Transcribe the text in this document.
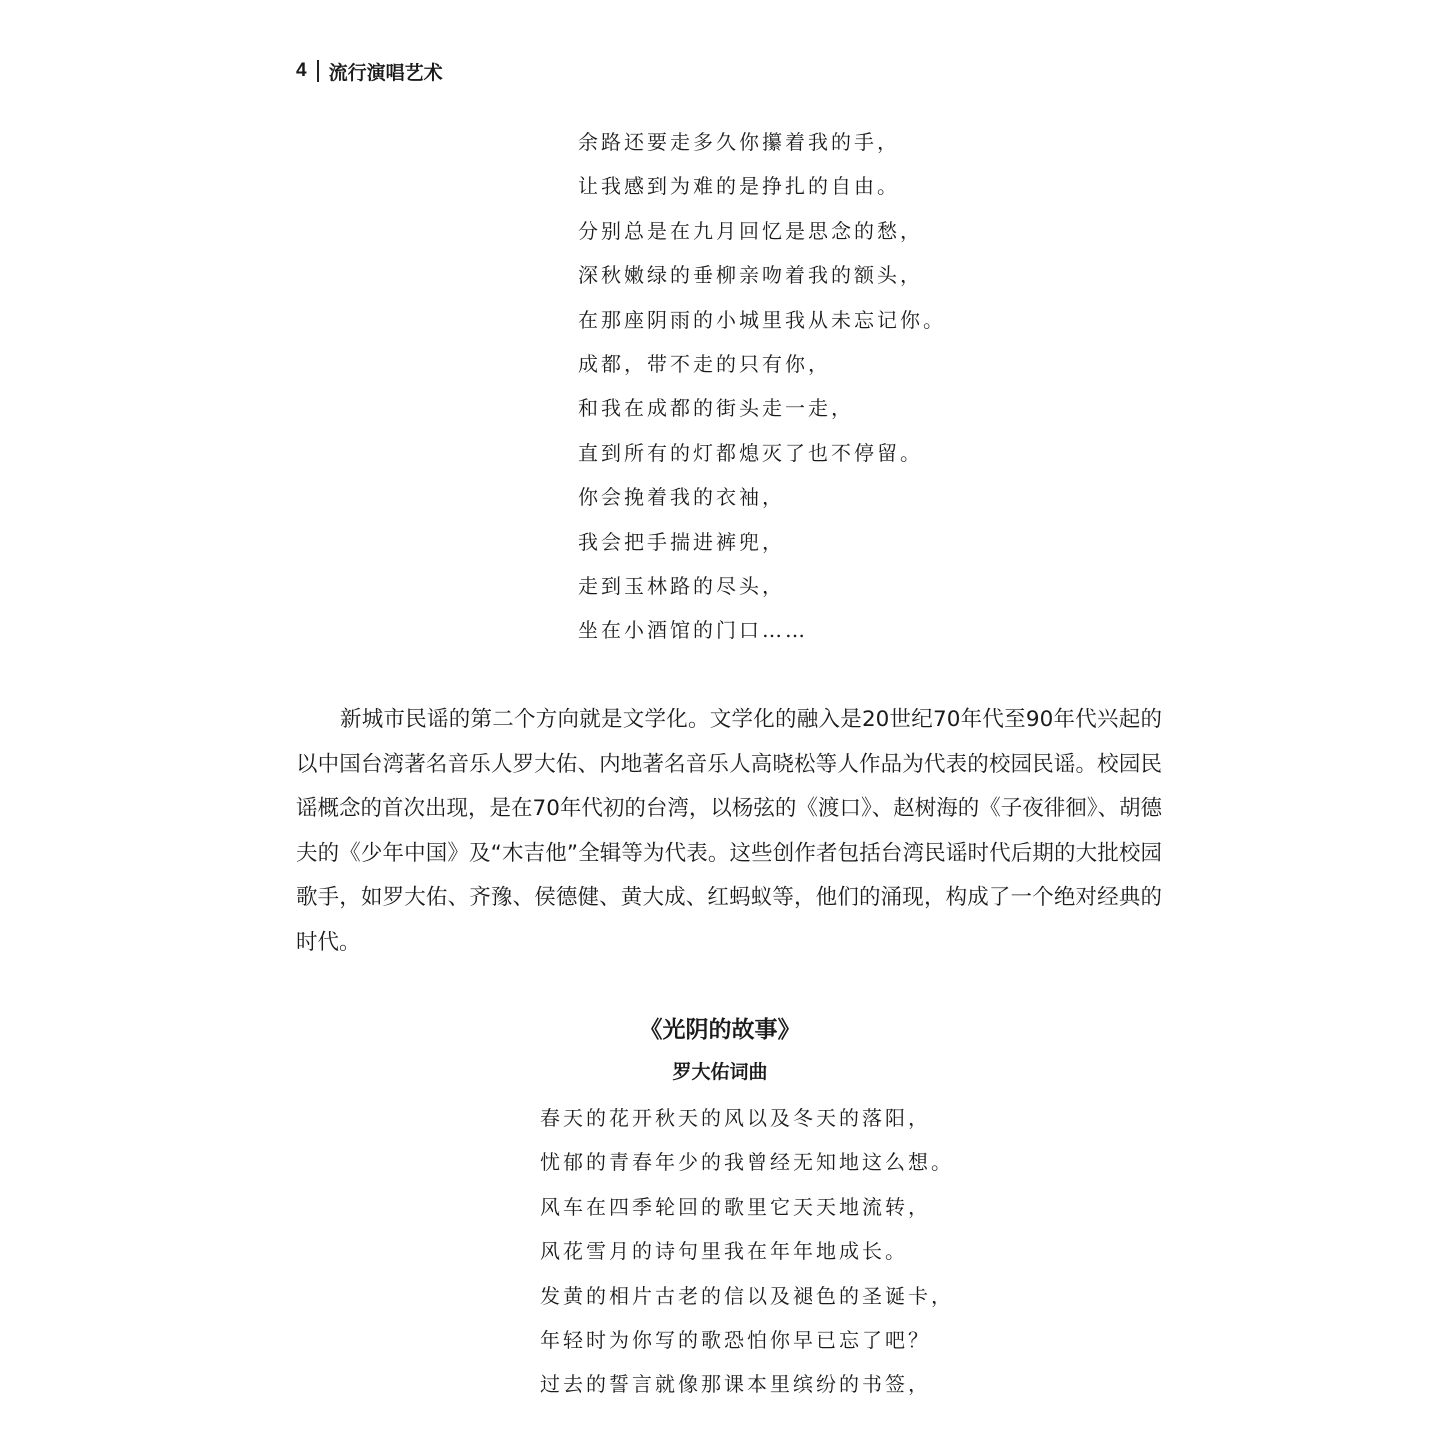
4 流行演唱艺术
余路还要走多久你攥着我的手，
让我感到为难的是挣扎的自由。
分别总是在九月回忆是思念的愁，
深秋嫩绿的垂柳亲吻着我的额头，
在那座阴雨的小城里我从未忘记你。
成都，带不走的只有你，
和我在成都的街头走一走，
直到所有的灯都熄灭了也不停留。
你会挽着我的衣袖，
我会把手揣进裤兜，
走到玉林路的尽头，
坐在小酒馆的门口……

新城市民谣的第二个方向就是文学化。文学化的融入是20世纪70年代至90年代兴起的以中国台湾著名音乐人罗大佑、内地著名音乐人高晓松等人作品为代表的校园民谣。校园民谣概念的首次出现，是在70年代初的台湾，以杨弦的《渡口》、赵树海的《子夜徘徊》、胡德夫的《少年中国》及“木吉他”全辑等为代表。这些创作者包括台湾民谣时代后期的大批校园歌手，如罗大佑、齐豫、侯德健、黄大成、红蚂蚁等，他们的涌现，构成了一个绝对经典的时代。

《光阴的故事》
罗大佑词曲
春天的花开秋天的风以及冬天的落阳，
忧郁的青春年少的我曾经无知地这么想。
风车在四季轮回的歌里它天天地流转，
风花雪月的诗句里我在年年地成长。
发黄的相片古老的信以及褪色的圣诞卡，
年轻时为你写的歌恐怕你早已忘了吧？
过去的誓言就像那课本里缤纷的书签，
